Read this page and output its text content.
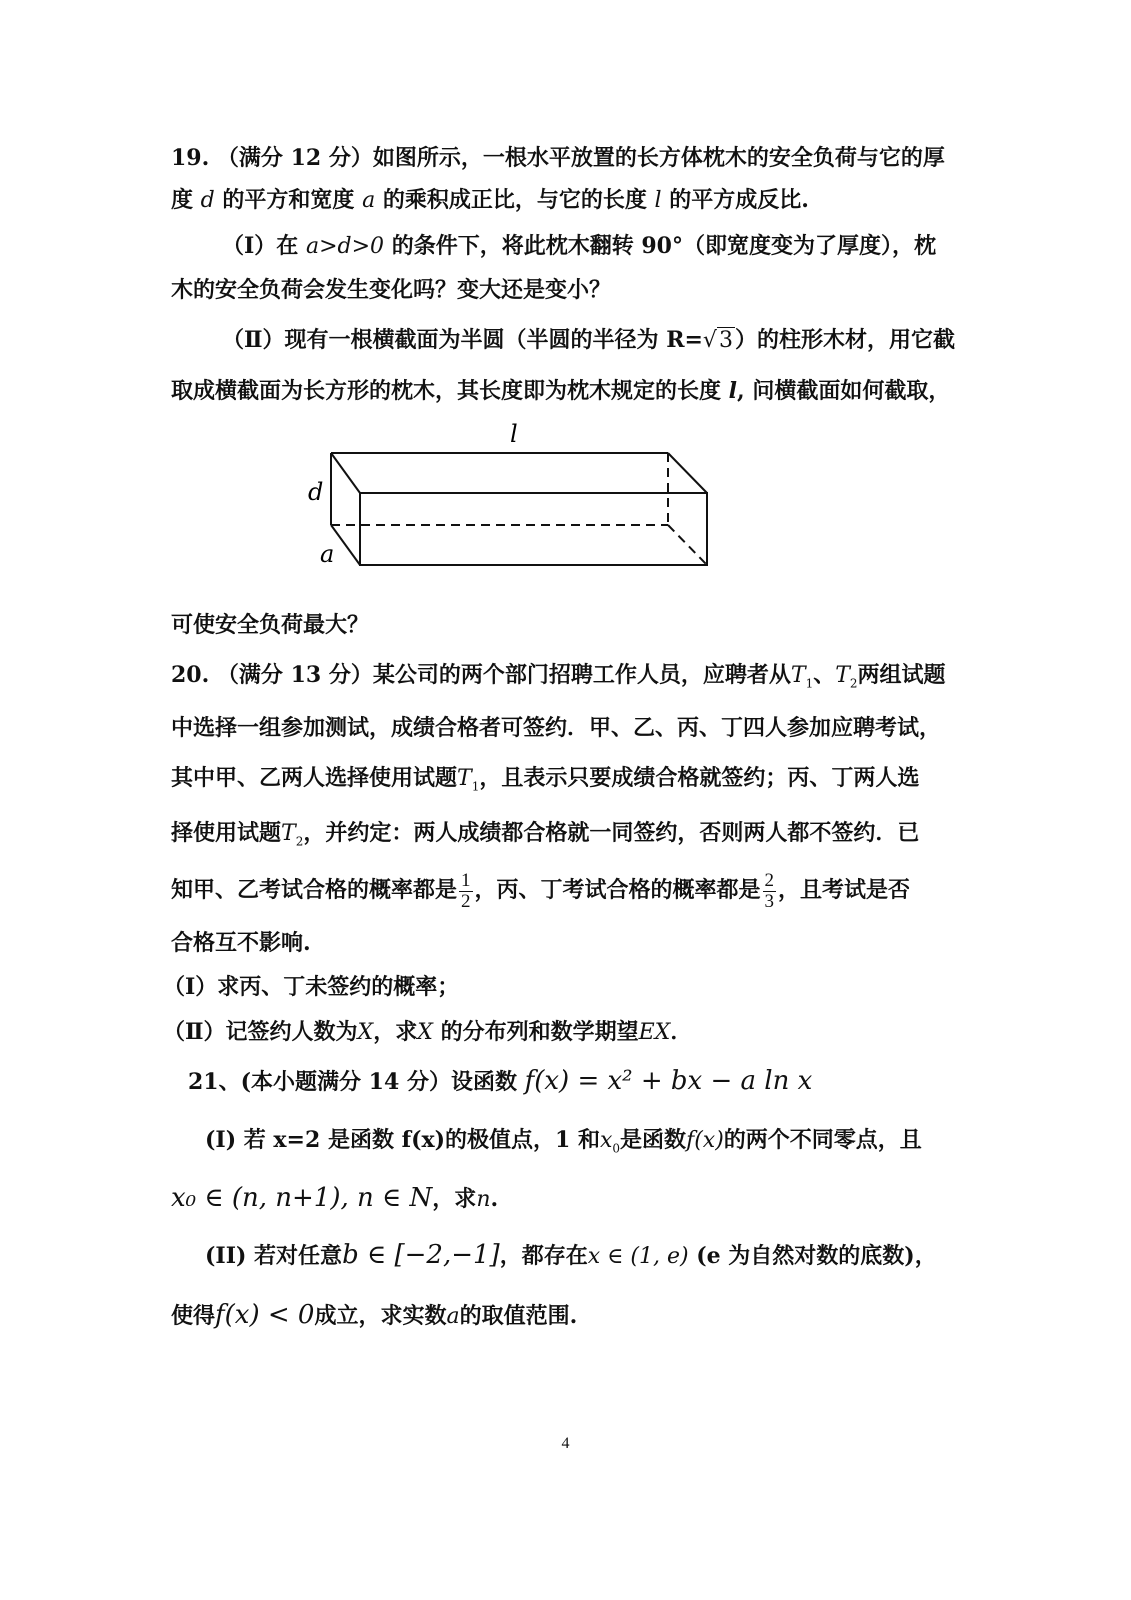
19. （满分 12 分）如图所示，一根水平放置的长方体枕木的安全负荷与它的厚
度 d 的平方和宽度 a 的乘积成正比，与它的长度 l 的平方成反比.
（Ⅰ）在 a>d>0 的条件下，将此枕木翻转 90°（即宽度变为了厚度），枕
木的安全负荷会发生变化吗？变大还是变小？
（Ⅱ）现有一根横截面为半圆（半圆的半径为 R=√3）的柱形木材，用它截
取成横截面为长方形的枕木，其长度即为枕木规定的长度 l, 问横截面如何截取，
l
d
a
可使安全负荷最大？
20. （满分 13 分）某公司的两个部门招聘工作人员，应聘者从$T_1$、$T_2$两组试题
中选择一组参加测试，成绩合格者可签约．甲、乙、丙、丁四人参加应聘考试，
其中甲、乙两人选择使用试题$T_1$，且表示只要成绩合格就签约；丙、丁两人选
择使用试题$T_2$，并约定：两人成绩都合格就一同签约，否则两人都不签约．已
知甲、乙考试合格的概率都是 $\frac{1}{2}$ ，丙、丁考试合格的概率都是 $\frac{2}{3}$ ，且考试是否
合格互不影响.
（Ⅰ）求丙、丁未签约的概率；
（Ⅱ）记签约人数为X，求X 的分布列和数学期望EX．
21、(本小题满分 14 分）设函数 f(x) = x² + bx − a ln x
(I) 若 x=2 是函数 f(x)的极值点，1 和$x_0$是函数f(x)的两个不同零点，且
x₀ ∈ (n, n+1), n ∈ N，求n.
(II) 若对任意b ∈ [−2,−1]，都存在x ∈ (1, e) (e 为自然对数的底数)，
使得f(x) < 0成立，求实数a的取值范围.
4
